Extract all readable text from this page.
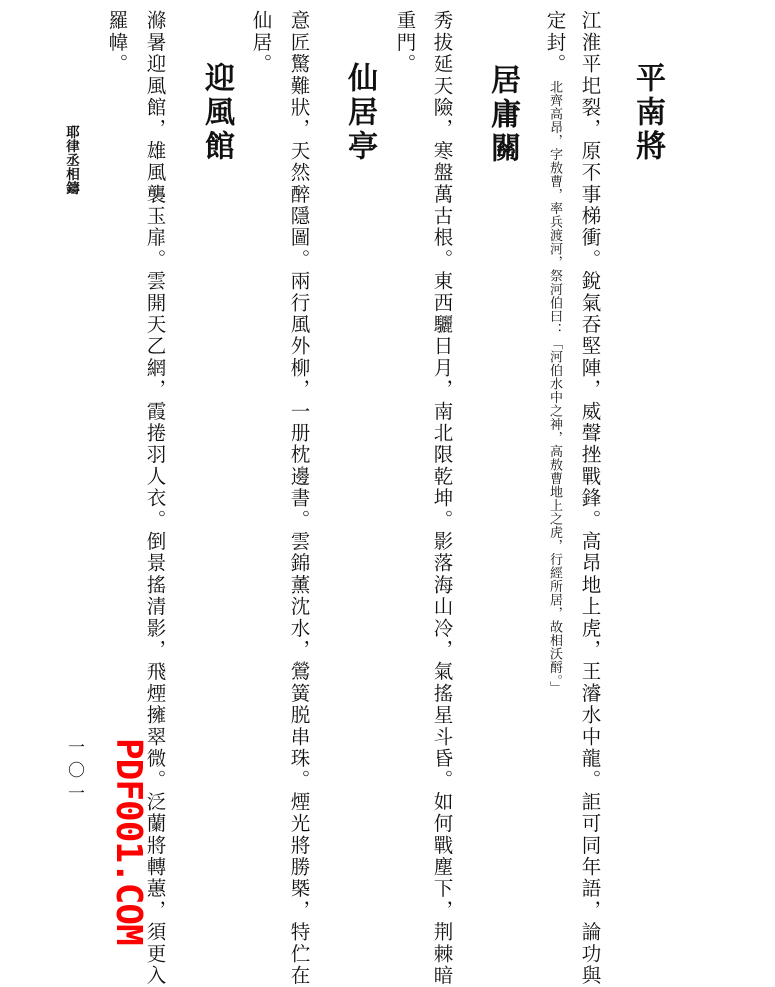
平南將
江淮平圯裂，原不事梯衝。銳氣吞堅陣，威聲挫戰鋒。高昂地上虎，王濬水中龍。詎可同年語，論功與
定封。
北齊高昂，字敖曹，率兵渡河，祭河伯曰：「河伯水中之神，高敖曹地上之虎，行經所居，故相沃酹。」
居庸關
秀拔延天險，寒盤萬古根。東西驪日月，南北限乾坤。影落海山冷，氣搖星斗昏。如何戰塵下，荆棘暗
重門。
仙居亭
意匠驚難狀，天然醉隱圖。兩行風外柳，一册枕邊書。雲錦薰沈水，鶯簧脱串珠。煙光將勝槩，特伫在
仙居。
迎風館
滌暑迎風館，雄風襲玉扉。雲開天乙網，霞捲羽人衣。倒景搖清影，飛煙擁翠微。泛蘭將轉蕙，須更入
羅幃。
耶律丞相鑄
一〇一 PDF001.COM
